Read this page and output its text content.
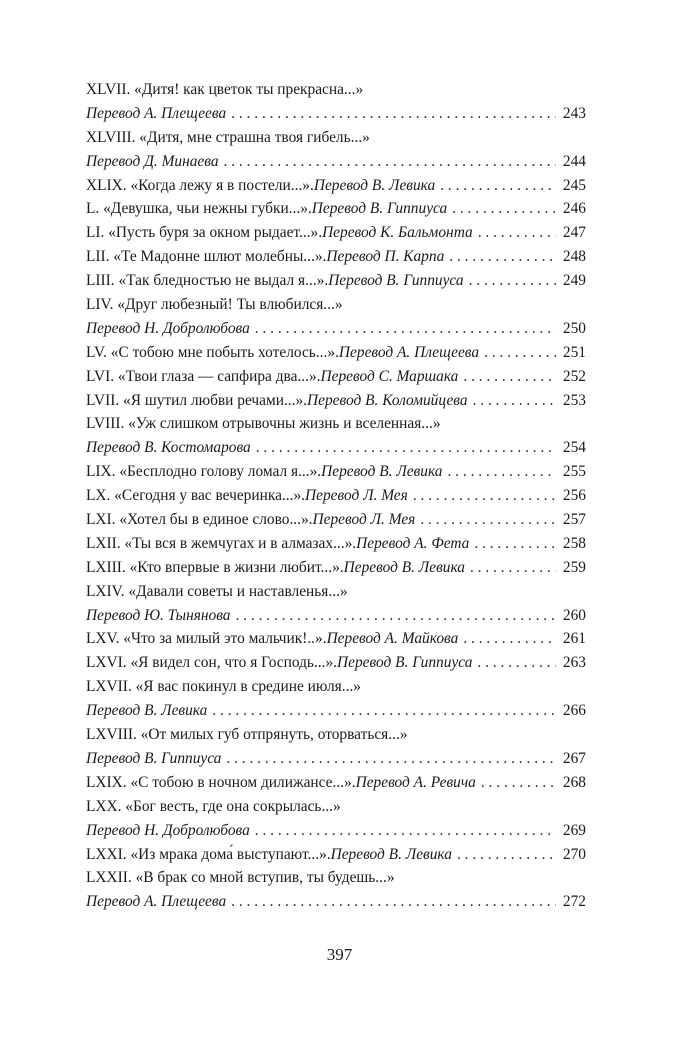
XLVII. «Дитя! как цветок ты прекрасна...»
Перевод А. Плещеева . . .	243
XLVIII. «Дитя, мне страшна твоя гибель...»
Перевод Д. Минаева . . .	244
XLIX. «Когда лежу я в постели...». Перевод В. Левика . . .	245
L. «Девушка, чьи нежны губки...». Перевод В. Гиппиуса . . .	246
LI. «Пусть буря за окном рыдает...». Перевод К. Бальмонта . . .	247
LII. «Те Мадонне шлют молебны...». Перевод П. Карпа . . .	248
LIII. «Так бледностью не выдал я...». Перевод В. Гиппиуса . . .	249
LIV. «Друг любезный! Ты влюбился...»
Перевод Н. Добролюбова . . .	250
LV. «С тобою мне побыть хотелось...». Перевод А. Плещеева . . .	251
LVI. «Твои глаза — сапфира два...». Перевод С. Маршака . . .	252
LVII. «Я шутил любви речами...». Перевод В. Коломийцева . . .	253
LVIII. «Уж слишком отрывочны жизнь и вселенная...»
Перевод В. Костомарова . . .	254
LIX. «Бесплодно голову ломал я...». Перевод В. Левика . . .	255
LX. «Сегодня у вас вечеринка...». Перевод Л. Мея . . .	256
LXI. «Хотел бы в единое слово...». Перевод Л. Мея . . .	257
LXII. «Ты вся в жемчугах и в алмазах...». Перевод А. Фета . . .	258
LXIII. «Кто впервые в жизни любит...». Перевод В. Левика . . .	259
LXIV. «Давали советы и наставленья...»
Перевод Ю. Тынянова . . .	260
LXV. «Что за милый это мальчик!..». Перевод А. Майкова . . .	261
LXVI. «Я видел сон, что я Господь...». Перевод В. Гиппиуса . . .	263
LXVII. «Я вас покинул в средине июля...»
Перевод В. Левика . . .	266
LXVIII. «От милых губ отпрянуть, оторваться...»
Перевод В. Гиппиуса . . .	267
LXIX. «С тобою в ночном дилижансе...». Перевод А. Ревича . . .	268
LXX. «Бог весть, где она сокрылась...»
Перевод Н. Добролюбова . . .	269
LXXI. «Из мрака дома́ выступают...». Перевод В. Левика . . .	270
LXXII. «В брак со мной вступив, ты будешь...»
Перевод А. Плещеева . . .	272
397
